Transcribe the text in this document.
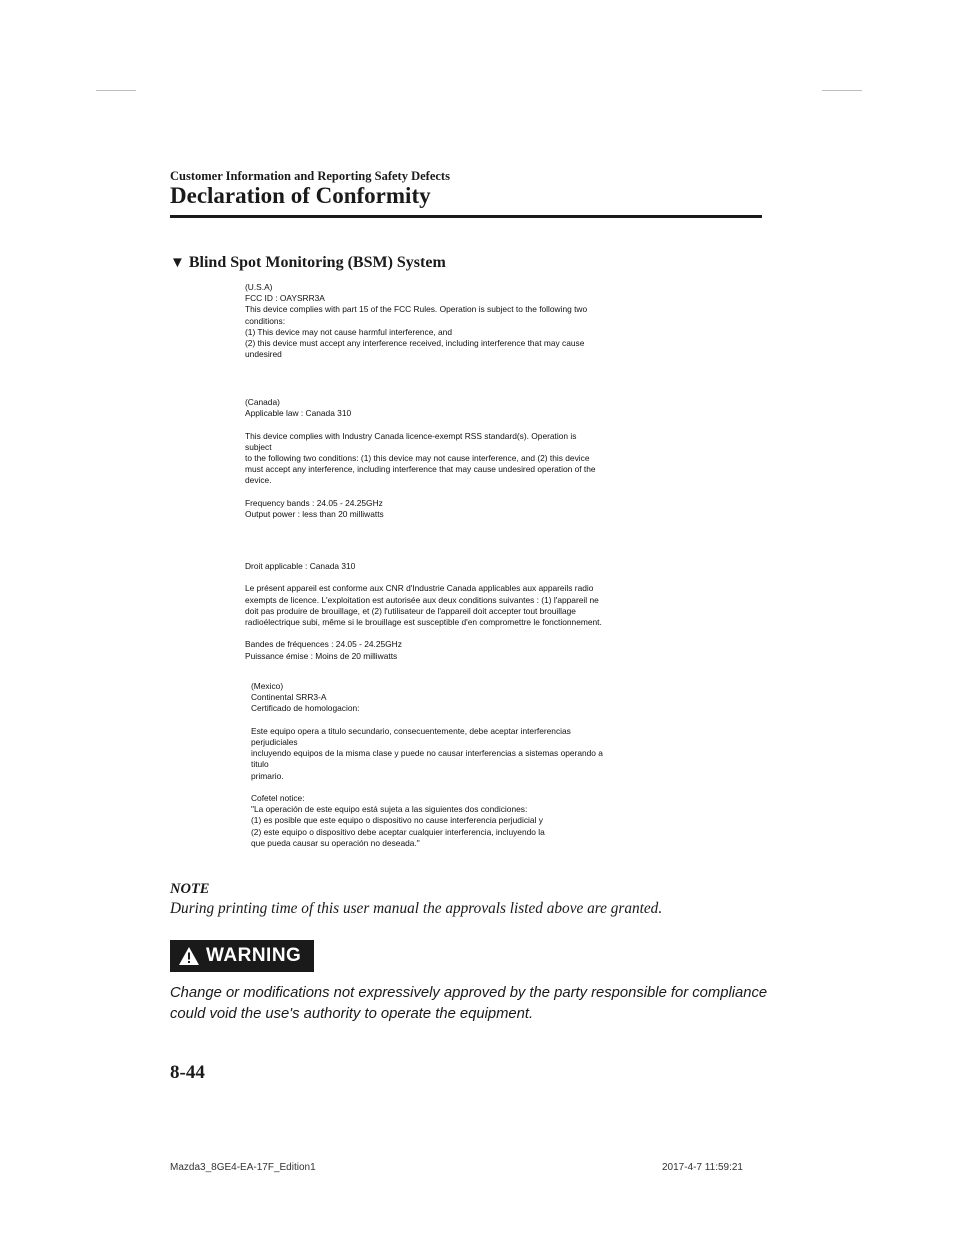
Customer Information and Reporting Safety Defects
Declaration of Conformity
▼ Blind Spot Monitoring (BSM) System
(U.S.A)
FCC ID : OAYSRR3A
This device complies with part 15 of the FCC Rules. Operation is subject to the following two
conditions:
(1) This device may not cause harmful interference, and
(2) this device must accept any interference received, including interference that may cause
undesired
(Canada)
Applicable law : Canada 310

This device complies with Industry Canada licence-exempt RSS standard(s). Operation is
subject
to the following two conditions: (1) this device may not cause interference, and (2) this device
must accept any interference, including interference that may cause undesired operation of the
device.

Frequency bands : 24.05 - 24.25GHz
Output power : less than 20 milliwatts
Droit applicable : Canada 310

Le présent appareil est conforme aux CNR d'Industrie Canada applicables aux appareils radio
exempts de licence. L'exploitation est autorisée aux deux conditions suivantes : (1) l'appareil ne
doit pas produire de brouillage, et (2) l'utilisateur de l'appareil doit accepter tout brouillage
radioélectrique subi, même si le brouillage est susceptible d'en compromettre le fonctionnement.

Bandes de fréquences : 24.05 - 24.25GHz
Puissance émise : Moins de 20 milliwatts
(Mexico)
Continental SRR3-A
Certificado de homologacion:

Este equipo opera a titulo secundario, consecuentemente, debe aceptar interferencias
perjudiciales
incluyendo equipos de la misma clase y puede no causar interferencias a sistemas operando a
titulo
primario.

Cofetel notice:
"La operación de este equipo está sujeta a las siguientes dos condiciones:
(1) es posible que este equipo o dispositivo no cause interferencia perjudicial y
(2) este equipo o dispositivo debe aceptar cualquier interferencia, incluyendo la
que pueda causar su operación no deseada."
NOTE
During printing time of this user manual the approvals listed above are granted.
WARNING
Change or modifications not expressively approved by the party responsible for compliance could void the use's authority to operate the equipment.
8-44
Mazda3_8GE4-EA-17F_Edition1	2017-4-7 11:59:21
